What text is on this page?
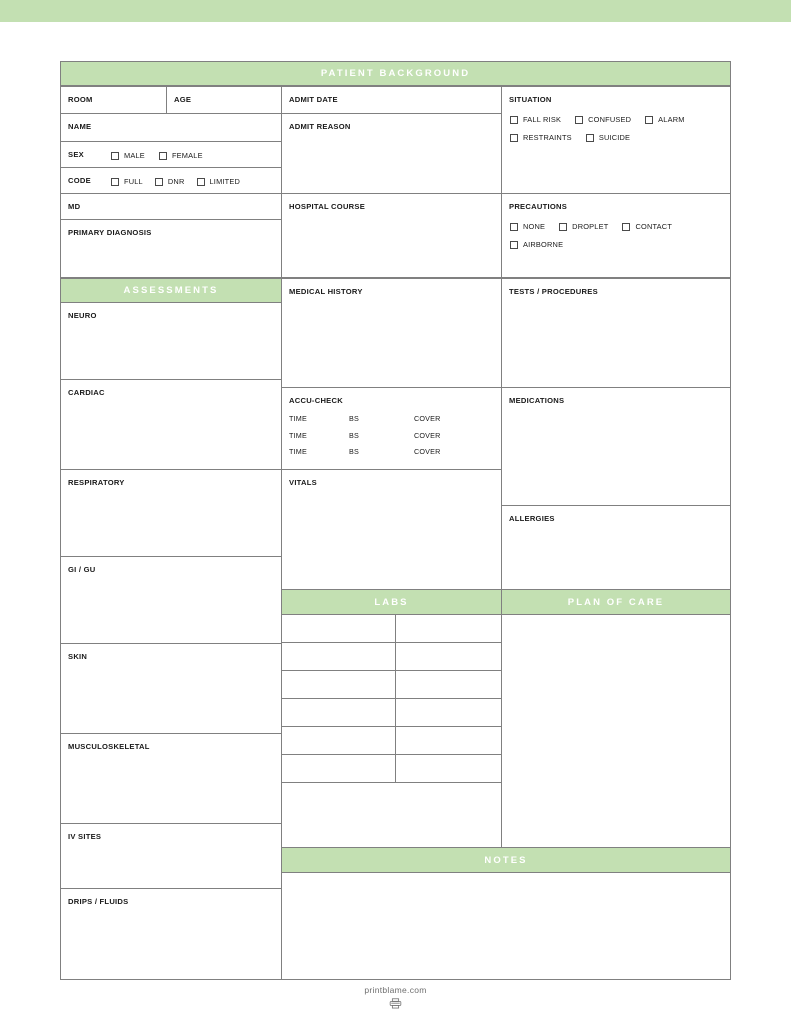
PATIENT BACKGROUND
ROOM	AGE
NAME
SEX	MALE	FEMALE
CODE	FULL	DNR	LIMITED
MD
PRIMARY DIAGNOSIS
ADMIT DATE
ADMIT REASON
HOSPITAL COURSE
SITUATION
FALL RISK	CONFUSED	ALARM
RESTRAINTS	SUICIDE
PRECAUTIONS
NONE	DROPLET	CONTACT
AIRBORNE
ASSESSMENTS
NEURO
CARDIAC
RESPIRATORY
GI / GU
SKIN
MUSCULOSKELETAL
IV SITES
DRIPS / FLUIDS
MEDICAL HISTORY
ACCU-CHECK
TIME	BS	COVER
TIME	BS	COVER
TIME	BS	COVER
VITALS
TESTS / PROCEDURES
MEDICATIONS
ALLERGIES
LABS	PLAN OF CARE
NOTES
printblame.com
